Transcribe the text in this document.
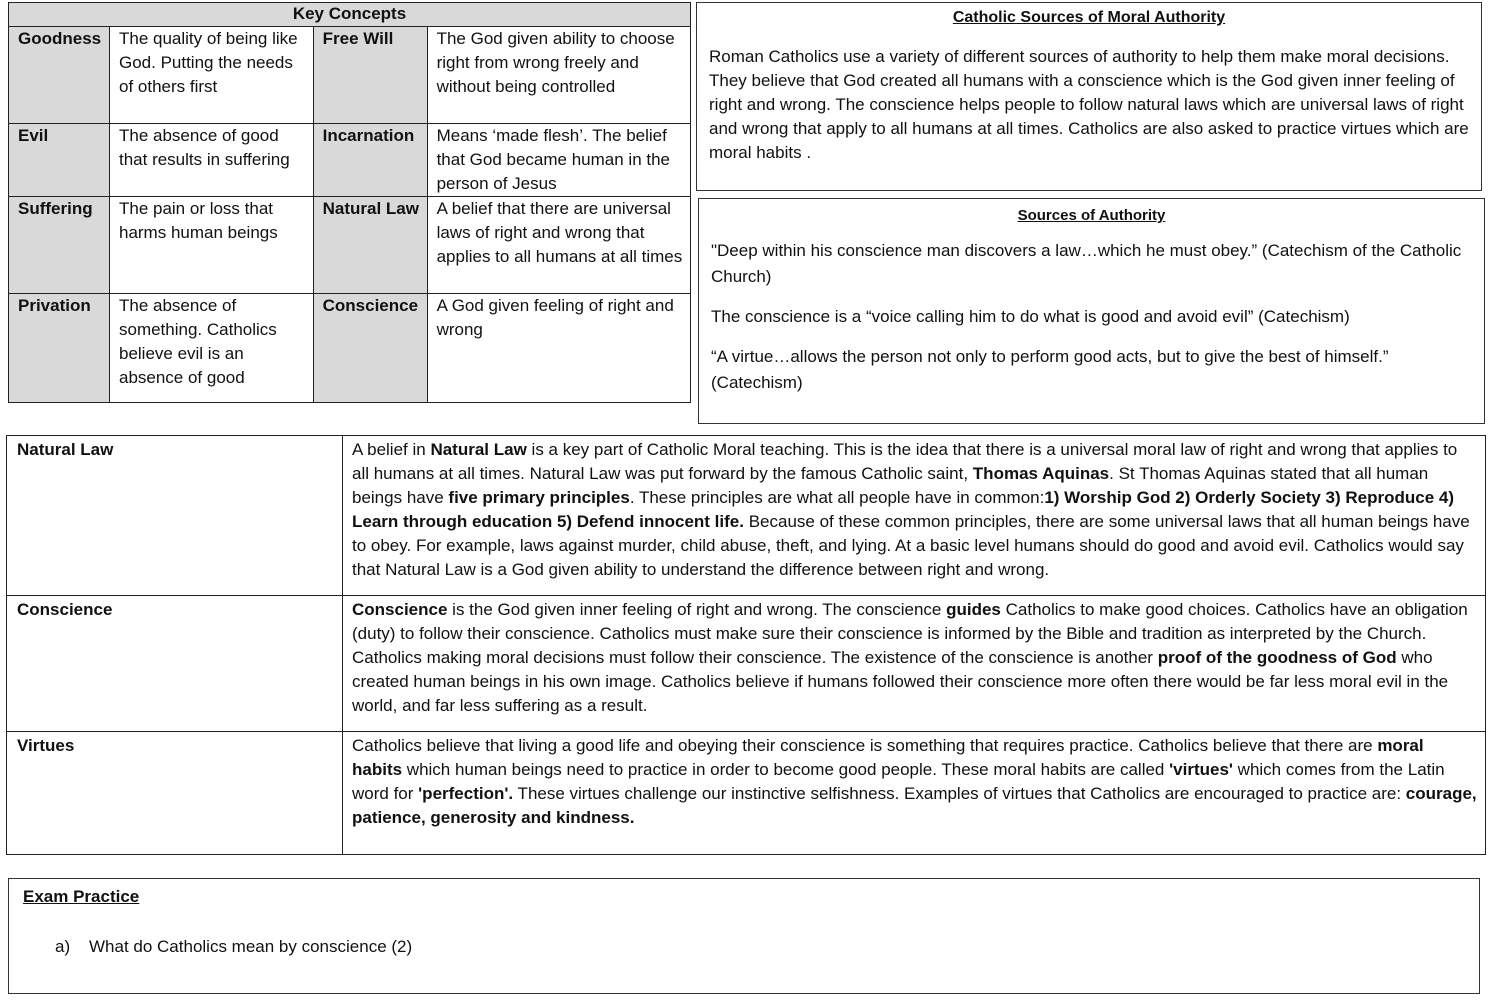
Key Concepts			
Goodness	The quality of being like God. Putting the needs of others first	Free Will	The God given ability to choose right from wrong freely and without being controlled
Evil	The absence of good that results in suffering	Incarnation	Means ‘made flesh’. The belief that God became human in the person of Jesus
Suffering	The pain or loss that harms human beings	Natural Law	A belief that there are universal laws of right and wrong that applies to all humans at all times
Privation	The absence of something. Catholics believe evil is an absence of good	Conscience	A God given feeling of right and wrong
Catholic Sources of Moral Authority

Roman Catholics use a variety of different sources of authority to help them make moral decisions. They believe that God created all humans with a conscience which is the God given inner feeling of right and wrong. The conscience helps people to follow natural laws which are universal laws of right and wrong that apply to all humans at all times. Catholics are also asked to practice virtues which are moral habits .

Sources of Authority

"Deep within his conscience man discovers a law…which he must obey.” (Catechism of the Catholic Church)

The conscience is a “voice calling him to do what is good and avoid evil” (Catechism)

“A virtue…allows the person not only to perform good acts, but to give the best of himself.” (Catechism)

Natural Law	A belief in Natural Law is a key part of Catholic Moral teaching. This is the idea that there is a universal moral law of right and wrong that applies to all humans at all times. Natural Law was put forward by the famous Catholic saint, Thomas Aquinas. St Thomas Aquinas stated that all human beings have five primary principles. These principles are what all people have in common:1) Worship God 2) Orderly Society 3) Reproduce 4) Learn through education 5) Defend innocent life. Because of these common principles, there are some universal laws that all human beings have to obey. For example, laws against murder, child abuse, theft, and lying. At a basic level humans should do good and avoid evil. Catholics would say that Natural Law is a God given ability to understand the difference between right and wrong.
Conscience	Conscience is the God given inner feeling of right and wrong. The conscience guides Catholics to make good choices. Catholics have an obligation (duty) to follow their conscience. Catholics must make sure their conscience is informed by the Bible and tradition as interpreted by the Church. Catholics making moral decisions must follow their conscience. The existence of the conscience is another proof of the goodness of God who created human beings in his own image. Catholics believe if humans followed their conscience more often there would be far less moral evil in the world, and far less suffering as a result.
Virtues	Catholics believe that living a good life and obeying their conscience is something that requires practice. Catholics believe that there are moral habits which human beings need to practice in order to become good people. These moral habits are called 'virtues' which comes from the Latin word for 'perfection'. These virtues challenge our instinctive selfishness. Examples of virtues that Catholics are encouraged to practice are: courage, patience, generosity and kindness.
Exam Practice
a)	What do Catholics mean by conscience (2)
